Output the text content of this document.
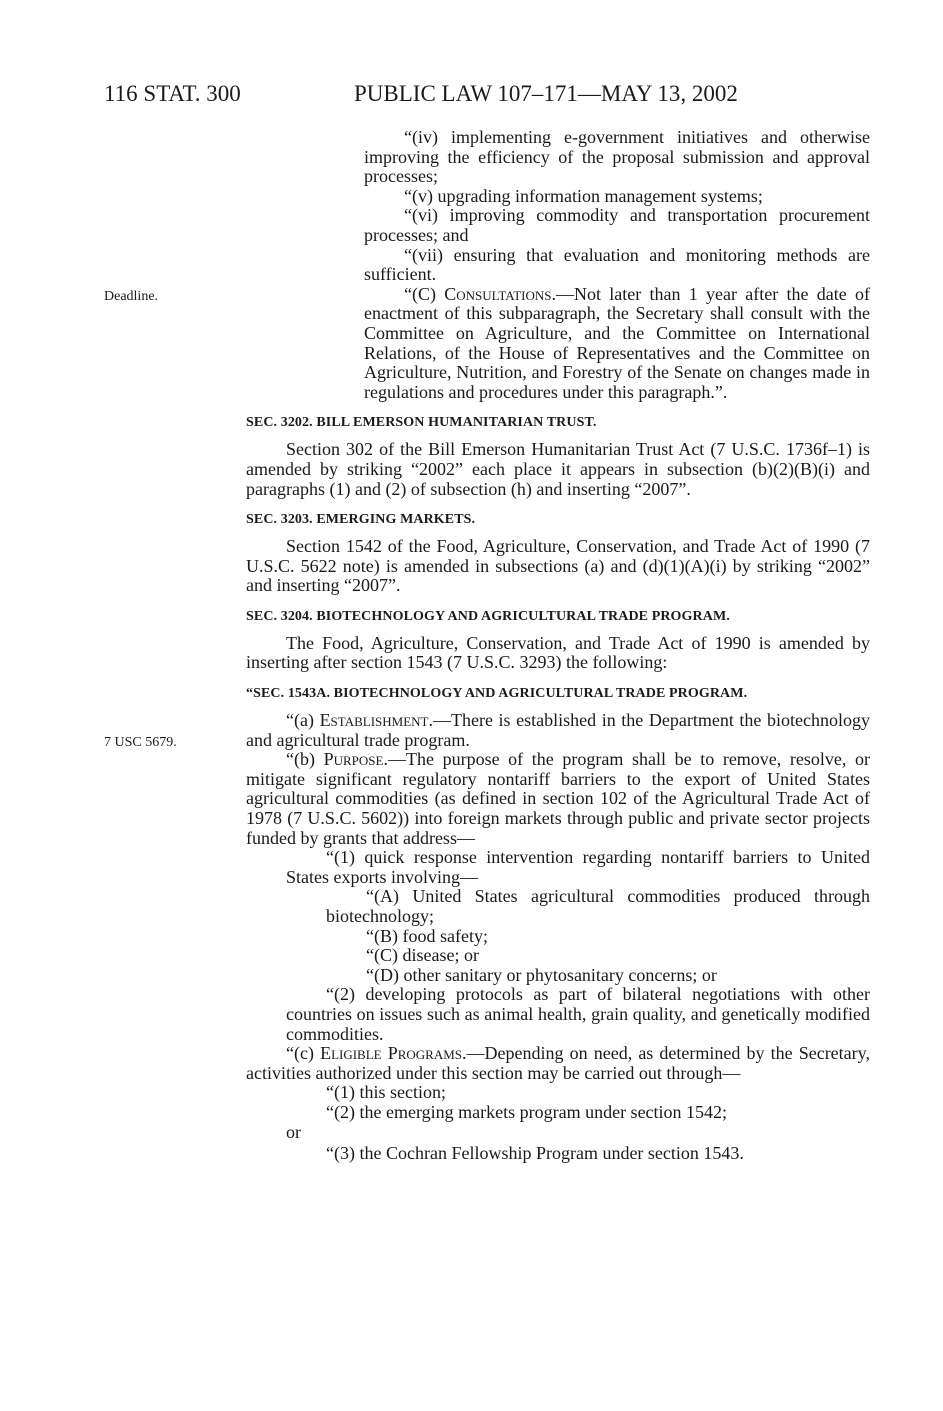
116 STAT. 300	PUBLIC LAW 107–171—MAY 13, 2002
Deadline.
7 USC 5679.

“(iv) implementing e-government initiatives and otherwise improving the efficiency of the proposal submission and approval processes;

“(v) upgrading information management systems;

“(vi) improving commodity and transportation procurement processes; and

“(vii) ensuring that evaluation and monitoring methods are sufficient.

“(C) Consultations.—Not later than 1 year after the date of enactment of this subparagraph, the Secretary shall consult with the Committee on Agriculture, and the Committee on International Relations, of the House of Representatives and the Committee on Agriculture, Nutrition, and Forestry of the Senate on changes made in regulations and procedures under this paragraph.”.

SEC. 3202. BILL EMERSON HUMANITARIAN TRUST.

Section 302 of the Bill Emerson Humanitarian Trust Act (7 U.S.C. 1736f–1) is amended by striking “2002” each place it appears in subsection (b)(2)(B)(i) and paragraphs (1) and (2) of subsection (h) and inserting “2007”.

SEC. 3203. EMERGING MARKETS.

Section 1542 of the Food, Agriculture, Conservation, and Trade Act of 1990 (7 U.S.C. 5622 note) is amended in subsections (a) and (d)(1)(A)(i) by striking “2002” and inserting “2007”.

SEC. 3204. BIOTECHNOLOGY AND AGRICULTURAL TRADE PROGRAM.

The Food, Agriculture, Conservation, and Trade Act of 1990 is amended by inserting after section 1543 (7 U.S.C. 3293) the following:

“SEC. 1543A. BIOTECHNOLOGY AND AGRICULTURAL TRADE PROGRAM.

“(a) Establishment.—There is established in the Department the biotechnology and agricultural trade program.

“(b) Purpose.—The purpose of the program shall be to remove, resolve, or mitigate significant regulatory nontariff barriers to the export of United States agricultural commodities (as defined in section 102 of the Agricultural Trade Act of 1978 (7 U.S.C. 5602)) into foreign markets through public and private sector projects funded by grants that address—

“(1) quick response intervention regarding nontariff barriers to United States exports involving—

“(A) United States agricultural commodities produced through biotechnology;

“(B) food safety;

“(C) disease; or

“(D) other sanitary or phytosanitary concerns; or

“(2) developing protocols as part of bilateral negotiations with other countries on issues such as animal health, grain quality, and genetically modified commodities.

“(c) Eligible Programs.—Depending on need, as determined by the Secretary, activities authorized under this section may be carried out through—

“(1) this section;

“(2) the emerging markets program under section 1542;

or

“(3) the Cochran Fellowship Program under section 1543.
